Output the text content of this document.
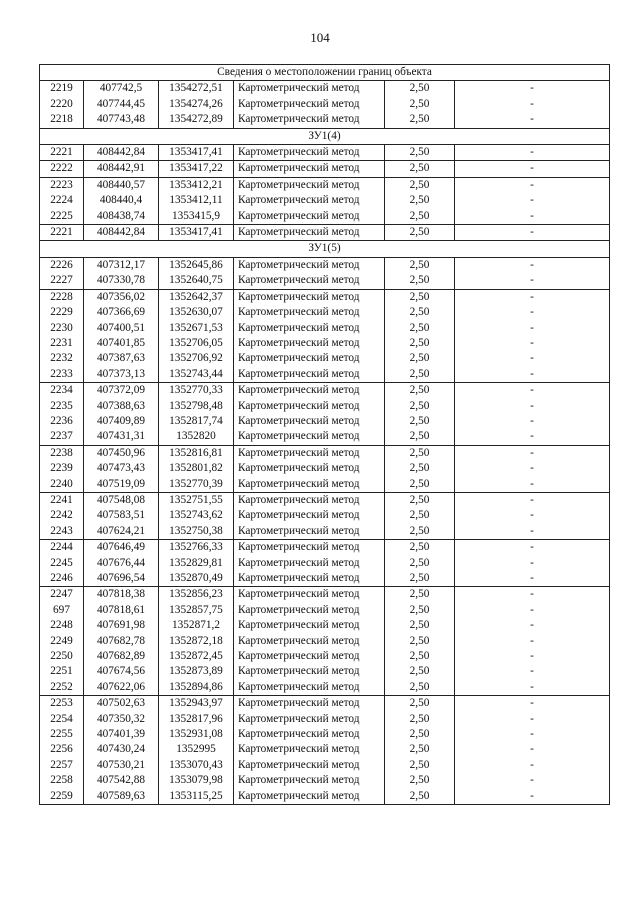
104
Сведения о местоположении границ объекта					
2219	407742,5	1354272,51	Картометрический метод	2,50	-
2220	407744,45	1354274,26	Картометрический метод	2,50	-
2218	407743,48	1354272,89	Картометрический метод	2,50	-
ЗУ1(4)					
2221	408442,84	1353417,41	Картометрический метод	2,50	-
2222	408442,91	1353417,22	Картометрический метод	2,50	-
2223	408440,57	1353412,21	Картометрический метод	2,50	-
2224	408440,4	1353412,11	Картометрический метод	2,50	-
2225	408438,74	1353415,9	Картометрический метод	2,50	-
2221	408442,84	1353417,41	Картометрический метод	2,50	-
ЗУ1(5)					
2226	407312,17	1352645,86	Картометрический метод	2,50	-
2227	407330,78	1352640,75	Картометрический метод	2,50	-
2228	407356,02	1352642,37	Картометрический метод	2,50	-
2229	407366,69	1352630,07	Картометрический метод	2,50	-
2230	407400,51	1352671,53	Картометрический метод	2,50	-
2231	407401,85	1352706,05	Картометрический метод	2,50	-
2232	407387,63	1352706,92	Картометрический метод	2,50	-
2233	407373,13	1352743,44	Картометрический метод	2,50	-
2234	407372,09	1352770,33	Картометрический метод	2,50	-
2235	407388,63	1352798,48	Картометрический метод	2,50	-
2236	407409,89	1352817,74	Картометрический метод	2,50	-
2237	407431,31	1352820	Картометрический метод	2,50	-
2238	407450,96	1352816,81	Картометрический метод	2,50	-
2239	407473,43	1352801,82	Картометрический метод	2,50	-
2240	407519,09	1352770,39	Картометрический метод	2,50	-
2241	407548,08	1352751,55	Картометрический метод	2,50	-
2242	407583,51	1352743,62	Картометрический метод	2,50	-
2243	407624,21	1352750,38	Картометрический метод	2,50	-
2244	407646,49	1352766,33	Картометрический метод	2,50	-
2245	407676,44	1352829,81	Картометрический метод	2,50	-
2246	407696,54	1352870,49	Картометрический метод	2,50	-
2247	407818,38	1352856,23	Картометрический метод	2,50	-
697	407818,61	1352857,75	Картометрический метод	2,50	-
2248	407691,98	1352871,2	Картометрический метод	2,50	-
2249	407682,78	1352872,18	Картометрический метод	2,50	-
2250	407682,89	1352872,45	Картометрический метод	2,50	-
2251	407674,56	1352873,89	Картометрический метод	2,50	-
2252	407622,06	1352894,86	Картометрический метод	2,50	-
2253	407502,63	1352943,97	Картометрический метод	2,50	-
2254	407350,32	1352817,96	Картометрический метод	2,50	-
2255	407401,39	1352931,08	Картометрический метод	2,50	-
2256	407430,24	1352995	Картометрический метод	2,50	-
2257	407530,21	1353070,43	Картометрический метод	2,50	-
2258	407542,88	1353079,98	Картометрический метод	2,50	-
2259	407589,63	1353115,25	Картометрический метод	2,50	-
